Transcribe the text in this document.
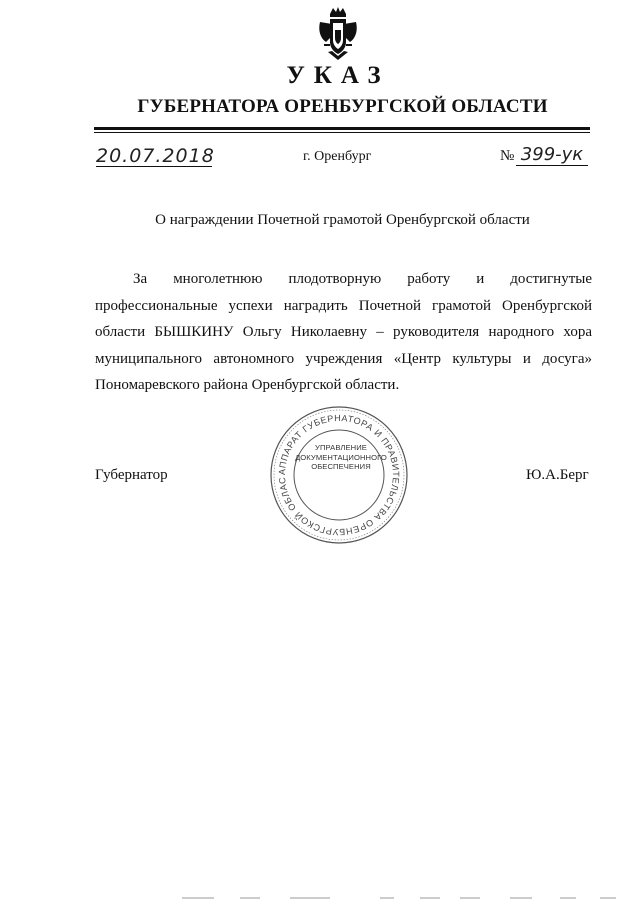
УКАЗ
ГУБЕРНАТОРА ОРЕНБУРГСКОЙ ОБЛАСТИ
20.07.2018	г. Оренбург	№ 399-ук
О награждении Почетной грамотой Оренбургской области

За многолетнюю плодотворную работу и достигнутые профессиональные успехи наградить Почетной грамотой Оренбургской области БЫШКИНУ Ольгу Николаевну – руководителя народного хора муниципального автономного учреждения «Центр культуры и досуга» Пономаревского района Оренбургской области.

Губернатор	Ю.А.Берг
АППАРАТ ГУБЕРНАТОРА И ПРАВИТЕЛЬСТВА ОРЕНБУРГСКОЙ ОБЛАС
УПРАВЛЕНИЕ
ДОКУМЕНТАЦИОННОГО
ОБЕСПЕЧЕНИЯ
